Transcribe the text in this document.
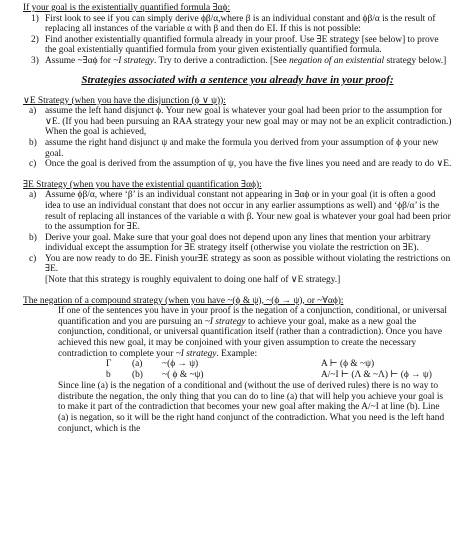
If your goal is the existentially quantified formula ∃αϕ:

1) First look to see if you can simply derive ϕβ/α,where β is an individual constant and ϕβ/α is the result of replacing all instances of the variable α with β and then do EI. If this is not possible:
2) Find another existentially quantified formula already in your proof. Use ∃E strategy [see below] to prove the goal existentially quantified formula from your given existentially quantified formula.
3) Assume ~∃αϕ for ~I strategy. Try to derive a contradiction. [See negation of an existential strategy below.]
Strategies associated with a sentence you already have in your proof:

∨E Strategy (when you have the disjunction (ϕ ∨ ψ)):

a) assume the left hand disjunct ϕ. Your new goal is whatever your goal had been prior to the assumption for ∨E. (If you had been pursuing an RAA strategy your new goal may or may not be an explicit contradiction.) When the goal is achieved,
b) assume the right hand disjunct ψ and make the formula you derived from your assumption of ϕ your new goal.
c) Once the goal is derived from the assumption of ψ, you have the five lines you need and are ready to do ∨E.

∃E Strategy (when you have the existential quantification ∃αϕ):

a) Assume ϕβ/α, where ‘β’ is an individual constant not appearing in ∃αϕ or in your goal (it is often a good idea to use an individual constant that does not occur in any earlier assumptions as well) and ‘ϕβ/α’ is the result of replacing all instances of the variable α with β. Your new goal is whatever your goal had been prior to the assumption for ∃E.
b) Derive your goal. Make sure that your goal does not depend upon any lines that mention your arbitrary individual except the assumption for ∃E strategy itself (otherwise you violate the restriction on ∃E).
c) You are now ready to do ∃E. Finish your∃E strategy as soon as possible without violating the restrictions on ∃E.
[Note that this strategy is roughly equivalent to doing one half of ∨E strategy.]

The negation of a compound strategy (when you have ~(ϕ & ψ), ~(ϕ → ψ), or ~∀αϕ):

If one of the sentences you have in your proof is the negation of a conjunction, conditional, or universal quantification and you are pursuing an ~I strategy to achieve your goal, make as a new goal the conjunction, conditional, or universal quantification itself (rather than a contradiction). Once you have achieved this new goal, it may be conjoined with your given assumption to create the necessary contradiction to complete your ~I strategy. Example:
Γ (a) ~(ϕ → ψ)	A ⊢ (ϕ & ~ψ)
b (b) ~( ϕ & ~ψ)	A/~I ⊢ (Λ & ~Λ) ⊢ (ϕ → ψ)
Since line (a) is the negation of a conditional and (without the use of derived rules) there is no way to distribute the negation, the only thing that you can do to line (a) that will help you achieve your goal is to make it part of the contradiction that becomes your new goal after making the A/~I at line (b). Line (a) is negation, so it will be the right hand conjunct of the contradiction. What you need is the left hand conjunct, which is the
